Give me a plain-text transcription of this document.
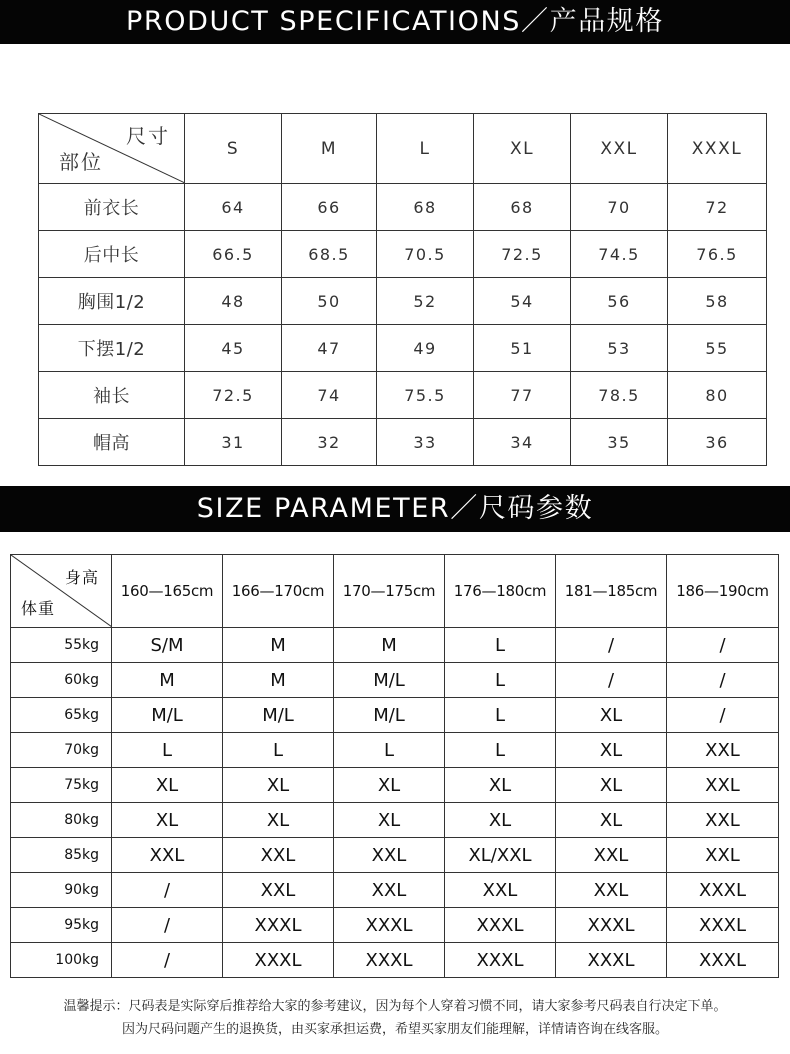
PRODUCT SPECIFICATIONS／产品规格
尺寸
部位	S	M	L	XL	XXL	XXXL
前衣长	64	66	68	68	70	72
后中长	66.5	68.5	70.5	72.5	74.5	76.5
胸围1/2	48	50	52	54	56	58
下摆1/2	45	47	49	51	53	55
袖长	72.5	74	75.5	77	78.5	80
帽高	31	32	33	34	35	36
SIZE PARAMETER／尺码参数
身高
体重	160—165cm	166—170cm	170—175cm	176—180cm	181—185cm	186—190cm
55kg	S/M	M	M	L	/	/
60kg	M	M	M/L	L	/	/
65kg	M/L	M/L	M/L	L	XL	/
70kg	L	L	L	L	XL	XXL
75kg	XL	XL	XL	XL	XL	XXL
80kg	XL	XL	XL	XL	XL	XXL
85kg	XXL	XXL	XXL	XL/XXL	XXL	XXL
90kg	/	XXL	XXL	XXL	XXL	XXXL
95kg	/	XXXL	XXXL	XXXL	XXXL	XXXL
100kg	/	XXXL	XXXL	XXXL	XXXL	XXXL
温馨提示：尺码表是实际穿后推荐给大家的参考建议，因为每个人穿着习惯不同，请大家参考尺码表自行决定下单。
因为尺码问题产生的退换货，由买家承担运费，希望买家朋友们能理解，详情请咨询在线客服。
